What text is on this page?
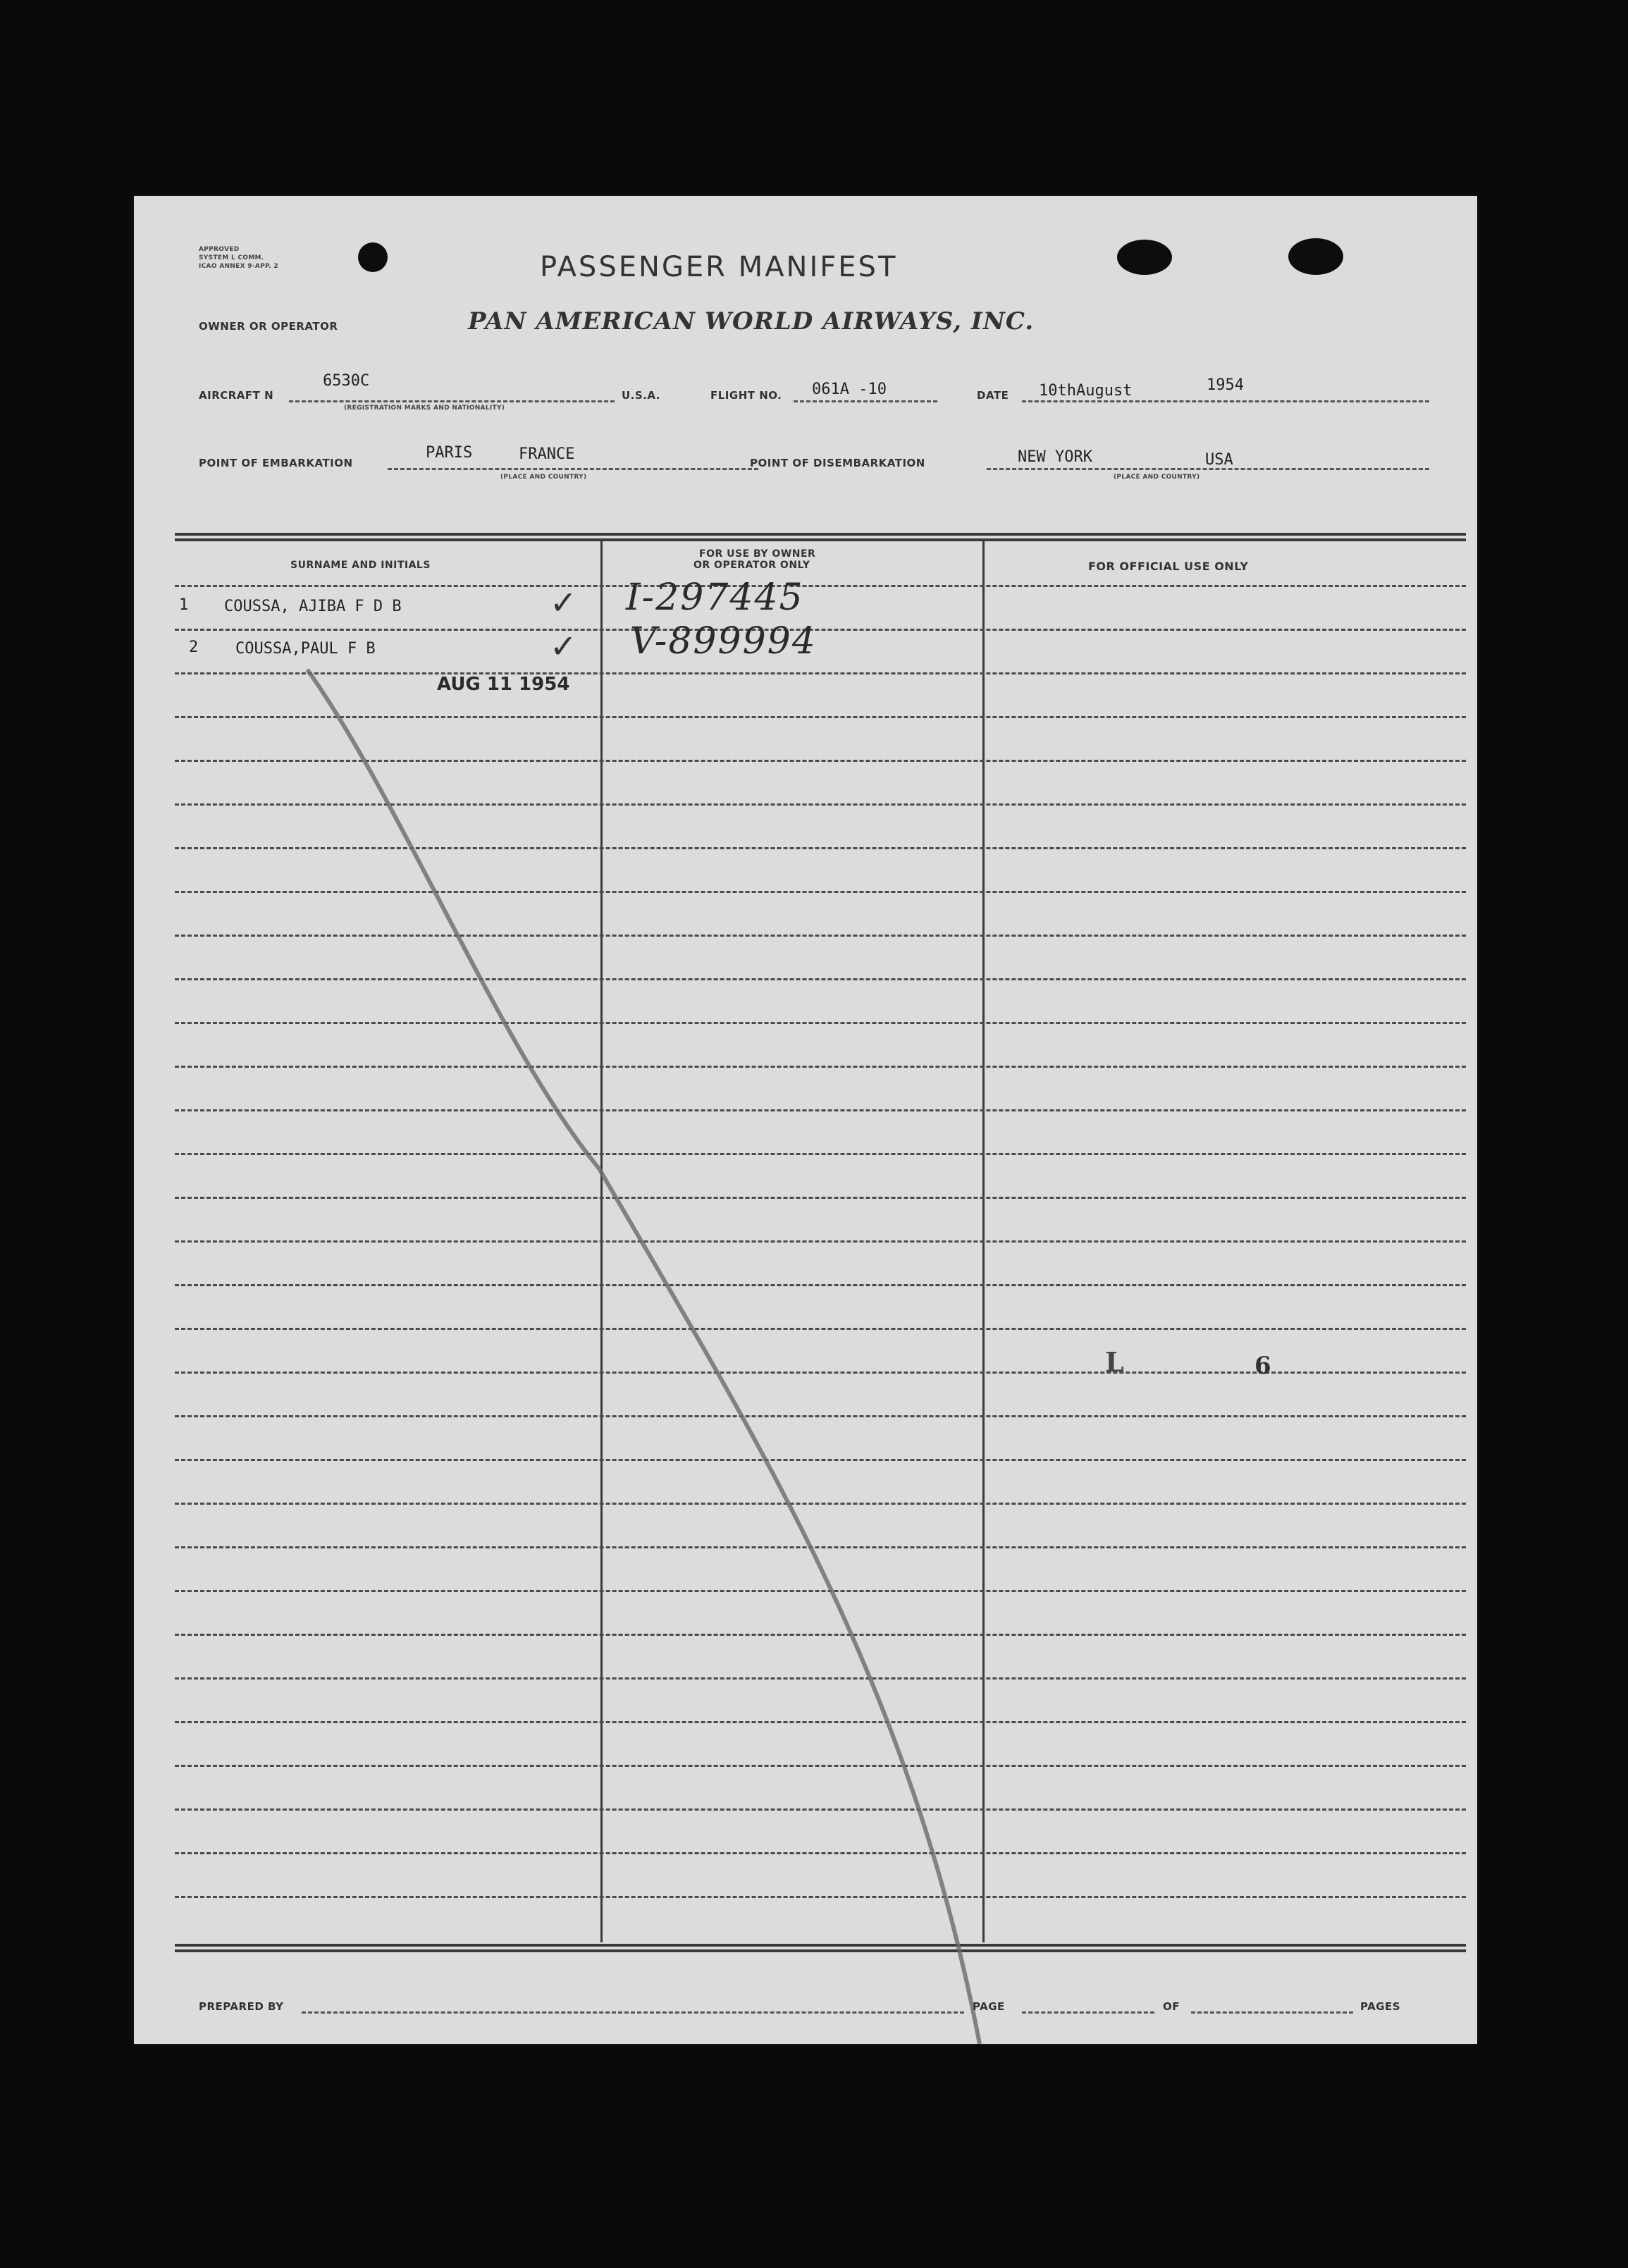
APPROVED
SYSTEM L COMM.
ICAO ANNEX 9-APP. 2	PASSENGER MANIFEST
OWNER OR OPERATOR	PAN AMERICAN WORLD AIRWAYS, INC.
AIRCRAFT N
6530C
(REGISTRATION MARKS AND NATIONALITY)
U.S.A.	FLIGHT NO. 061A -10	DATE 10thAugust	1954
POINT OF EMBARKATION
PARIS	FRANCE
(PLACE AND COUNTRY)
POINT OF DISEMBARKATION	NEW YORK	USA
(PLACE AND COUNTRY)
SURNAME AND INITIALS
FOR USE BY OWNER
OR OPERATOR ONLY	FOR OFFICIAL USE ONLY
1 COUSSA, AJIBA F D B	✓ I-297445
2 COUSSA,PAUL F B	✓ V-899994
AUG 11 1954
L	6
PREPARED BY	PAGE	OF	PAGES
